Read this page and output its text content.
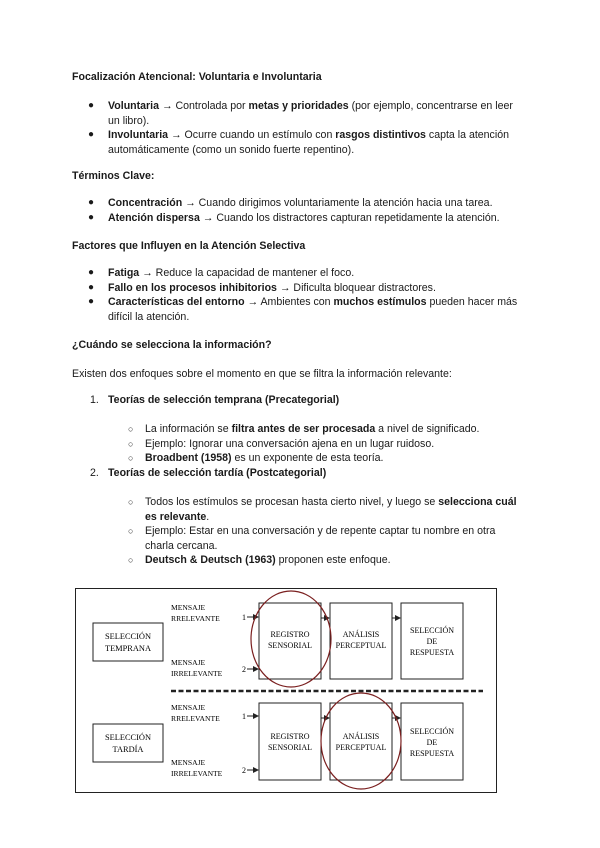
Focalización Atencional: Voluntaria e Involuntaria
● Voluntaria → Controlada por metas y prioridades (por ejemplo, concentrarse en leer un libro).
● Involuntaria → Ocurre cuando un estímulo con rasgos distintivos capta la atención automáticamente (como un sonido fuerte repentino).
Términos Clave:
● Concentración → Cuando dirigimos voluntariamente la atención hacia una tarea.
● Atención dispersa → Cuando los distractores capturan repetidamente la atención.
Factores que Influyen en la Atención Selectiva
● Fatiga → Reduce la capacidad de mantener el foco.
● Fallo en los procesos inhibitorios → Dificulta bloquear distractores.
● Características del entorno → Ambientes con muchos estímulos pueden hacer más difícil la atención.
¿Cuándo se selecciona la información?
Existen dos enfoques sobre el momento en que se filtra la información relevante:
1. Teorías de selección temprana (Precategorial)
○ La información se filtra antes de ser procesada a nivel de significado.
○ Ejemplo: Ignorar una conversación ajena en un lugar ruidoso.
○ Broadbent (1958) es un exponente de esta teoría.
2. Teorías de selección tardía (Postcategorial)
○ Todos los estímulos se procesan hasta cierto nivel, y luego se selecciona cuál es relevante.
○ Ejemplo: Estar en una conversación y de repente captar tu nombre en otra charla cercana.
○ Deutsch & Deutsch (1963) proponen este enfoque.
SELECCIÓN
TEMPRANA
MENSAJE
RRELEVANTE	1
MENSAJE
IRRELEVANTE 2
REGISTRO
SENSORIAL
ANÁLISIS
PERCEPTUAL
SELECCIÓN
DE
RESPUESTA
SELECCIÓN
TARDÍA
MENSAJE
RRELEVANTE	1
MENSAJE
IRRELEVANTE 2
REGISTRO
SENSORIAL
ANÁLISIS
PERCEPTUAL
SELECCIÓN
DE
RESPUESTA
